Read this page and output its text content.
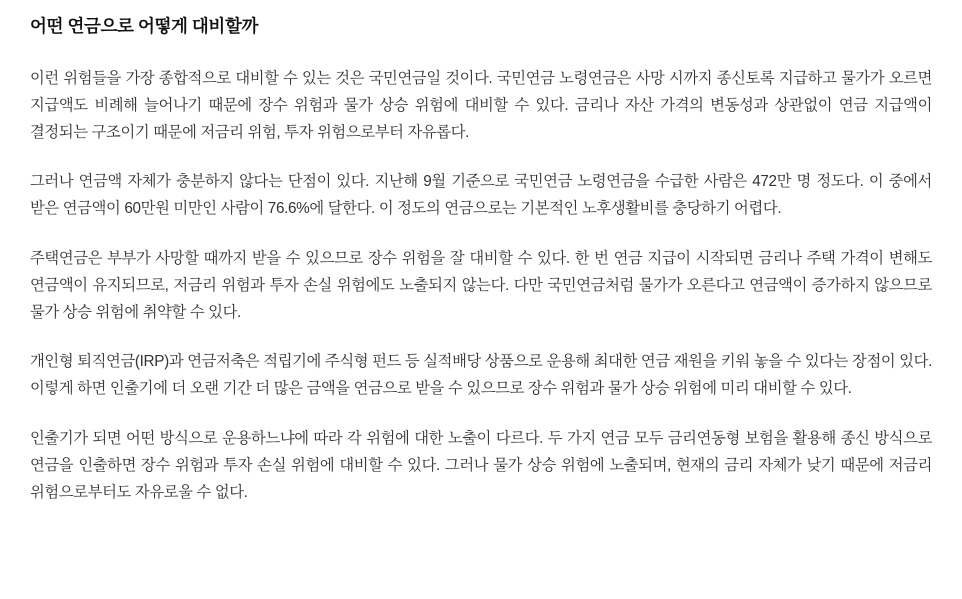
어떤 연금으로 어떻게 대비할까

이런 위험들을 가장 종합적으로 대비할 수 있는 것은 국민연금일 것이다. 국민연금 노령연금은 사망 시까지 종신토록 지급하고 물가가 오르면 지급액도 비례해 늘어나기 때문에 장수 위험과 물가 상승 위험에 대비할 수 있다. 금리나 자산 가격의 변동성과 상관없이 연금 지급액이 결정되는 구조이기 때문에 저금리 위험, 투자 위험으로부터 자유롭다.

그러나 연금액 자체가 충분하지 않다는 단점이 있다. 지난해 9월 기준으로 국민연금 노령연금을 수급한 사람은 472만 명 정도다. 이 중에서 받은 연금액이 60만원 미만인 사람이 76.6%에 달한다. 이 정도의 연금으로는 기본적인 노후생활비를 충당하기 어렵다.

주택연금은 부부가 사망할 때까지 받을 수 있으므로 장수 위험을 잘 대비할 수 있다. 한 번 연금 지급이 시작되면 금리나 주택 가격이 변해도 연금액이 유지되므로, 저금리 위험과 투자 손실 위험에도 노출되지 않는다. 다만 국민연금처럼 물가가 오른다고 연금액이 증가하지 않으므로 물가 상승 위험에 취약할 수 있다.

개인형 퇴직연금(IRP)과 연금저축은 적립기에 주식형 펀드 등 실적배당 상품으로 운용해 최대한 연금 재원을 키워 놓을 수 있다는 장점이 있다. 이렇게 하면 인출기에 더 오랜 기간 더 많은 금액을 연금으로 받을 수 있으므로 장수 위험과 물가 상승 위험에 미리 대비할 수 있다.

인출기가 되면 어떤 방식으로 운용하느냐에 따라 각 위험에 대한 노출이 다르다. 두 가지 연금 모두 금리연동형 보험을 활용해 종신 방식으로 연금을 인출하면 장수 위험과 투자 손실 위험에 대비할 수 있다. 그러나 물가 상승 위험에 노출되며, 현재의 금리 자체가 낮기 때문에 저금리 위험으로부터도 자유로울 수 없다.
